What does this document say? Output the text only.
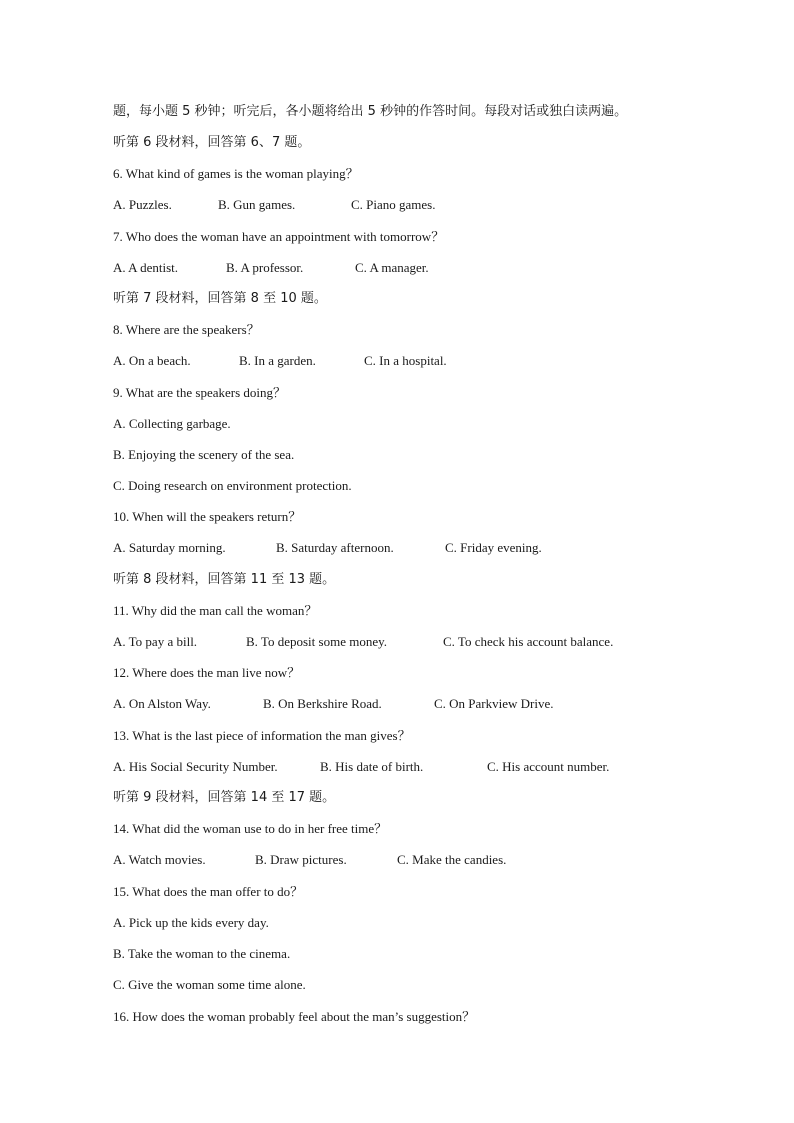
题，每小题 5 秒钟；听完后，各小题将给出 5 秒钟的作答时间。每段对话或独白读两遍。
听第 6 段材料，回答第 6、7 题。
6. What kind of games is the woman playing？
A. Puzzles.	B. Gun games.	C. Piano games.
7. Who does the woman have an appointment with tomorrow？
A. A dentist.	B. A professor.	C. A manager.
听第 7 段材料，回答第 8 至 10 题。
8. Where are the speakers？
A. On a beach.	B. In a garden.	C. In a hospital.
9. What are the speakers doing？
A. Collecting garbage.
B. Enjoying the scenery of the sea.
C. Doing research on environment protection.
10. When will the speakers return？
A. Saturday morning.	B. Saturday afternoon.	C. Friday evening.
听第 8 段材料，回答第 11 至 13 题。
11. Why did the man call the woman？
A. To pay a bill.	B. To deposit some money.	C. To check his account balance.
12. Where does the man live now？
A. On Alston Way.	B. On Berkshire Road.	C. On Parkview Drive.
13. What is the last piece of information the man gives？
A. His Social Security Number.	B. His date of birth.	C. His account number.
听第 9 段材料，回答第 14 至 17 题。
14. What did the woman use to do in her free time？
A. Watch movies.	B. Draw pictures.	C. Make the candies.
15. What does the man offer to do？
A. Pick up the kids every day.
B. Take the woman to the cinema.
C. Give the woman some time alone.
16. How does the woman probably feel about the man’s suggestion？
